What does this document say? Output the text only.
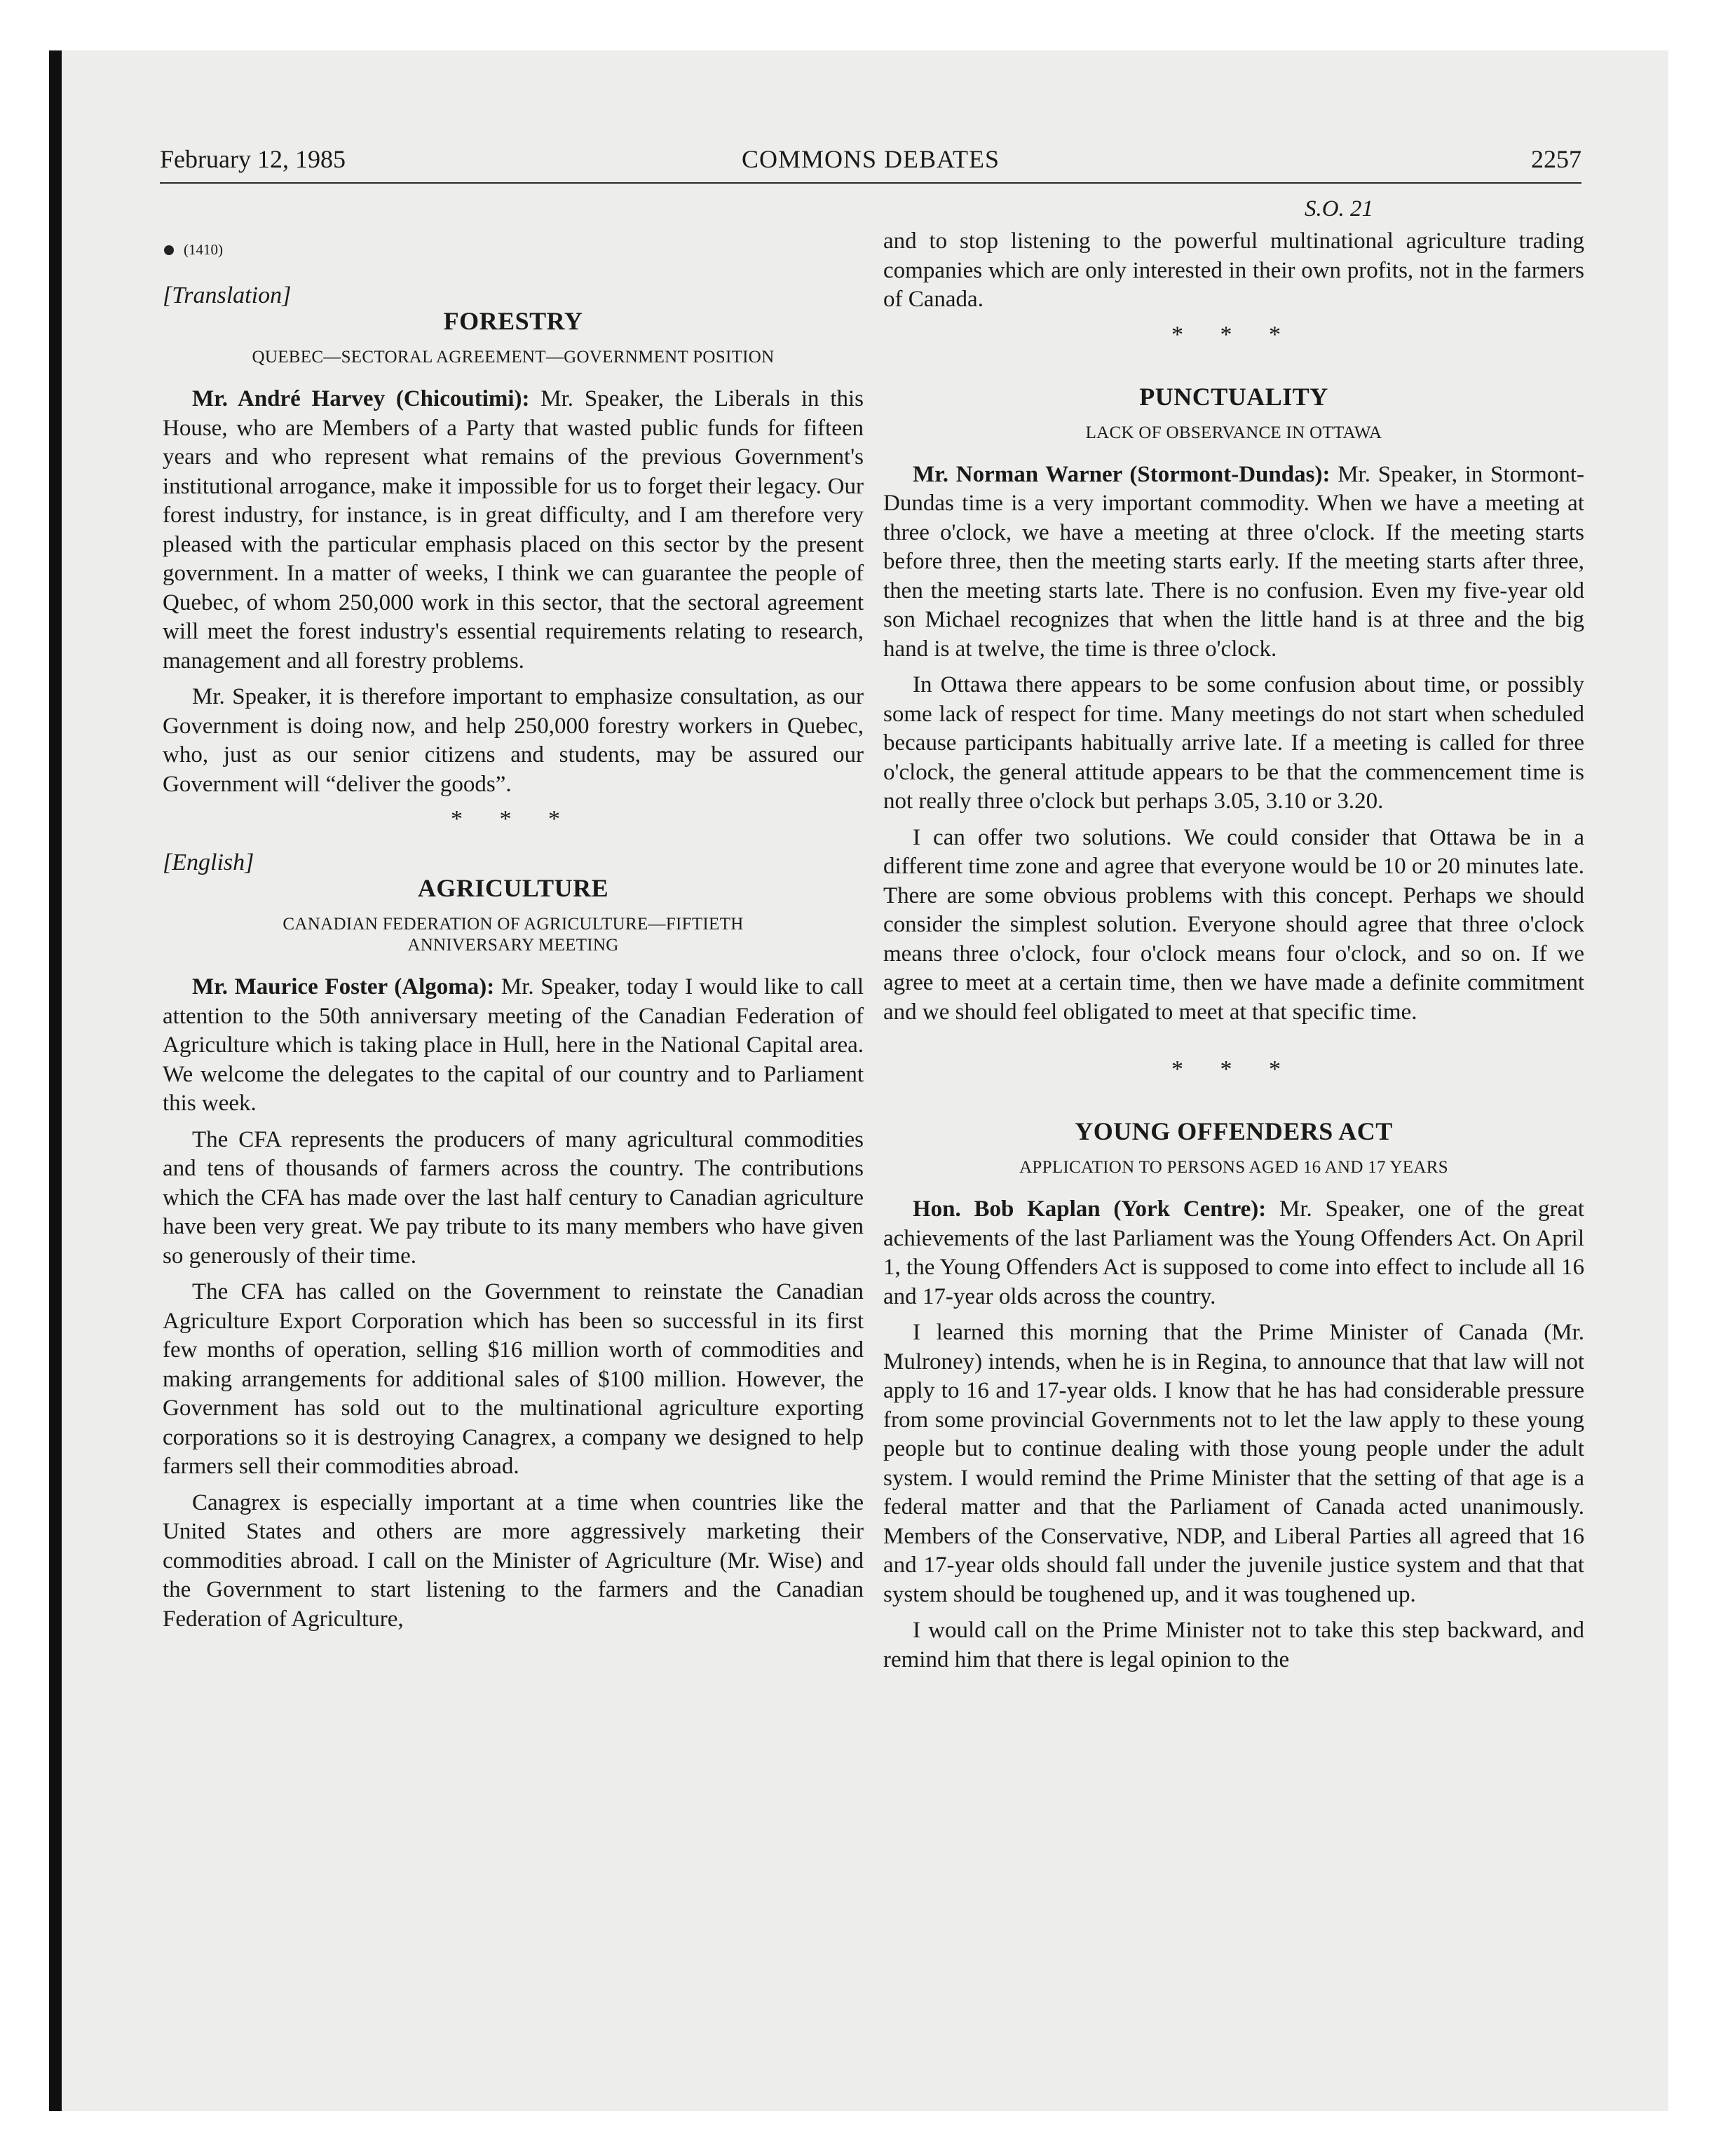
February 12, 1985	COMMONS DEBATES	2257
(1410)
[Translation]
FORESTRY
QUEBEC—SECTORAL AGREEMENT—GOVERNMENT POSITION

Mr. André Harvey (Chicoutimi): Mr. Speaker, the Liberals in this House, who are Members of a Party that wasted public funds for fifteen years and who represent what remains of the previous Government's institutional arrogance, make it impossible for us to forget their legacy. Our forest industry, for instance, is in great difficulty, and I am therefore very pleased with the particular emphasis placed on this sector by the present government. In a matter of weeks, I think we can guarantee the people of Quebec, of whom 250,000 work in this sector, that the sectoral agreement will meet the forest industry's essential requirements relating to research, management and all forestry problems.

Mr. Speaker, it is therefore important to emphasize consultation, as our Government is doing now, and help 250,000 forestry workers in Quebec, who, just as our senior citizens and students, may be assured our Government will “deliver the goods”.

* * *
[English]
AGRICULTURE
CANADIAN FEDERATION OF AGRICULTURE—FIFTIETH
ANNIVERSARY MEETING

Mr. Maurice Foster (Algoma): Mr. Speaker, today I would like to call attention to the 50th anniversary meeting of the Canadian Federation of Agriculture which is taking place in Hull, here in the National Capital area. We welcome the delegates to the capital of our country and to Parliament this week.

The CFA represents the producers of many agricultural commodities and tens of thousands of farmers across the country. The contributions which the CFA has made over the last half century to Canadian agriculture have been very great. We pay tribute to its many members who have given so generously of their time.

The CFA has called on the Government to reinstate the Canadian Agriculture Export Corporation which has been so successful in its first few months of operation, selling $16 million worth of commodities and making arrangements for additional sales of $100 million. However, the Government has sold out to the multinational agriculture exporting corporations so it is destroying Canagrex, a company we designed to help farmers sell their commodities abroad.

Canagrex is especially important at a time when countries like the United States and others are more aggressively marketing their commodities abroad. I call on the Minister of Agriculture (Mr. Wise) and the Government to start listening to the farmers and the Canadian Federation of Agriculture,

S.O. 21

and to stop listening to the powerful multinational agriculture trading companies which are only interested in their own profits, not in the farmers of Canada.

* * *
PUNCTUALITY
LACK OF OBSERVANCE IN OTTAWA

Mr. Norman Warner (Stormont-Dundas): Mr. Speaker, in Stormont-Dundas time is a very important commodity. When we have a meeting at three o'clock, we have a meeting at three o'clock. If the meeting starts before three, then the meeting starts early. If the meeting starts after three, then the meeting starts late. There is no confusion. Even my five-year old son Michael recognizes that when the little hand is at three and the big hand is at twelve, the time is three o'clock.

In Ottawa there appears to be some confusion about time, or possibly some lack of respect for time. Many meetings do not start when scheduled because participants habitually arrive late. If a meeting is called for three o'clock, the general attitude appears to be that the commencement time is not really three o'clock but perhaps 3.05, 3.10 or 3.20.

I can offer two solutions. We could consider that Ottawa be in a different time zone and agree that everyone would be 10 or 20 minutes late. There are some obvious problems with this concept. Perhaps we should consider the simplest solution. Everyone should agree that three o'clock means three o'clock, four o'clock means four o'clock, and so on. If we agree to meet at a certain time, then we have made a definite commitment and we should feel obligated to meet at that specific time.

* * *
YOUNG OFFENDERS ACT
APPLICATION TO PERSONS AGED 16 AND 17 YEARS

Hon. Bob Kaplan (York Centre): Mr. Speaker, one of the great achievements of the last Parliament was the Young Offenders Act. On April 1, the Young Offenders Act is supposed to come into effect to include all 16 and 17-year olds across the country.

I learned this morning that the Prime Minister of Canada (Mr. Mulroney) intends, when he is in Regina, to announce that that law will not apply to 16 and 17-year olds. I know that he has had considerable pressure from some provincial Governments not to let the law apply to these young people but to continue dealing with those young people under the adult system. I would remind the Prime Minister that the setting of that age is a federal matter and that the Parliament of Canada acted unanimously. Members of the Conservative, NDP, and Liberal Parties all agreed that 16 and 17-year olds should fall under the juvenile justice system and that that system should be toughened up, and it was toughened up.

I would call on the Prime Minister not to take this step backward, and remind him that there is legal opinion to the
